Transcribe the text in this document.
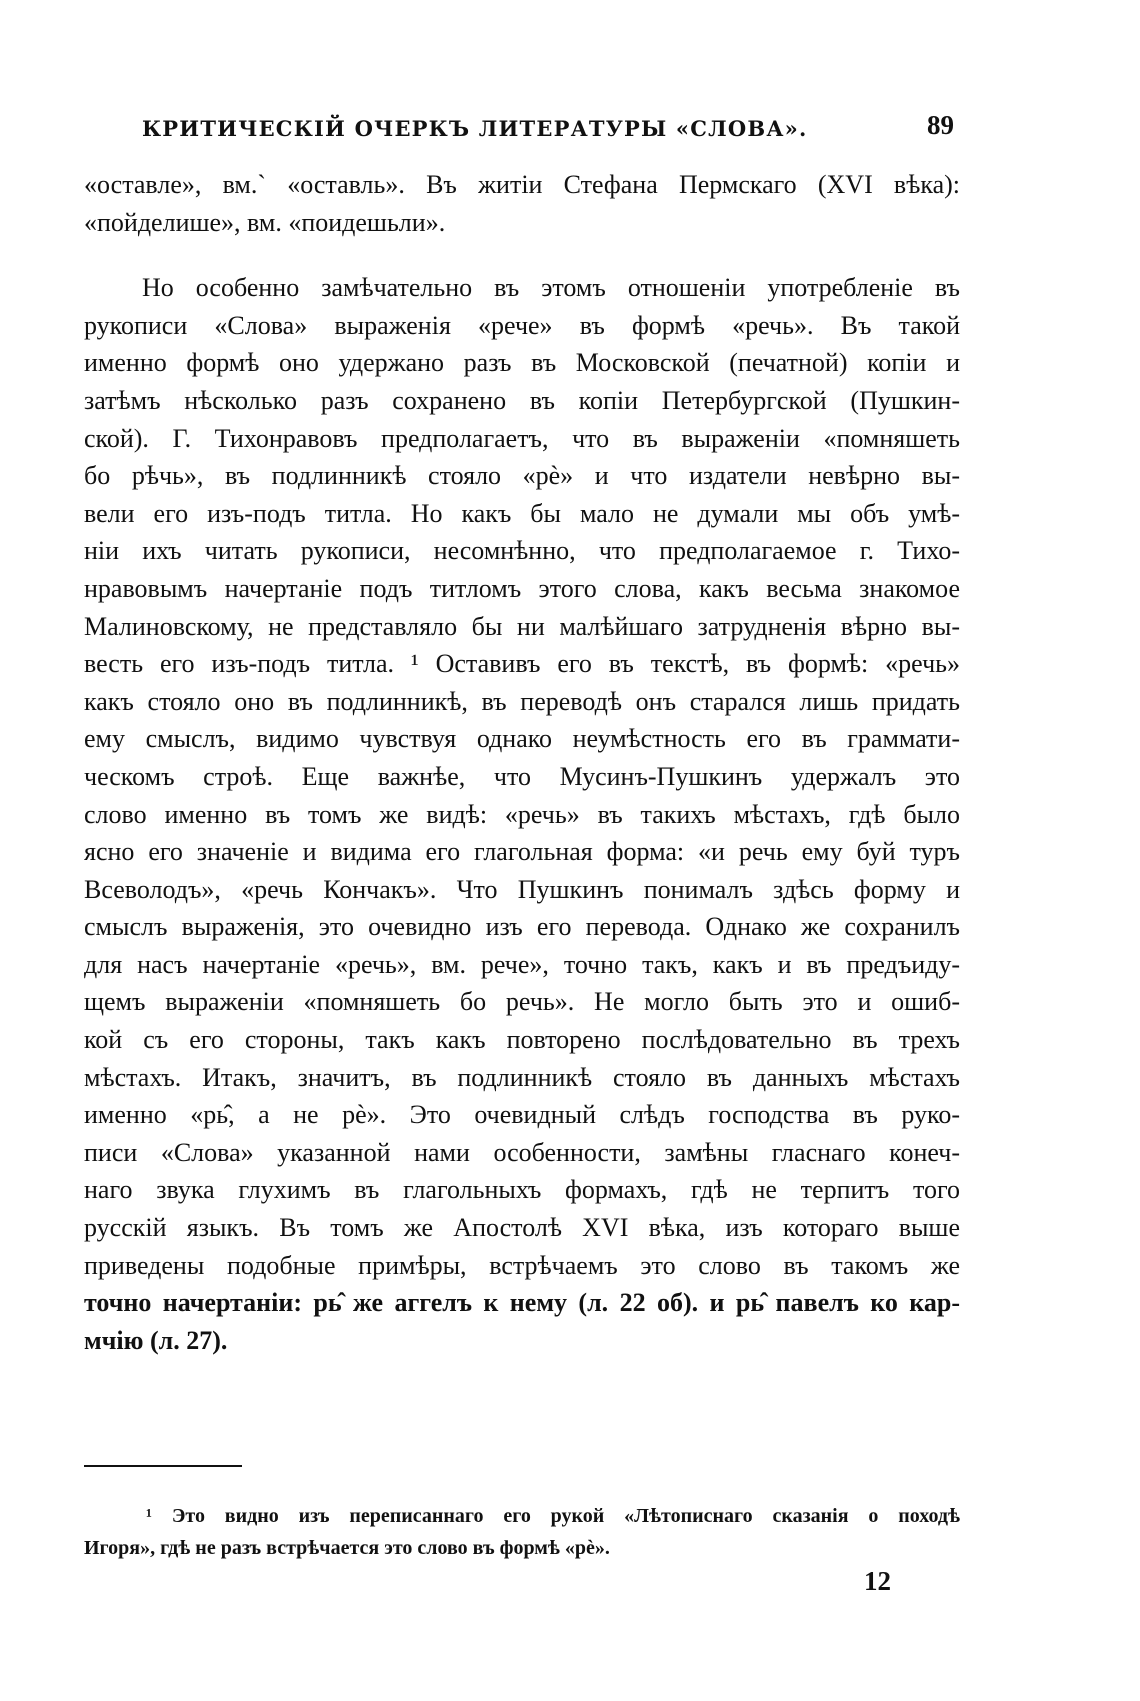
КРИТИЧЕСКІЙ ОЧЕРКЪ ЛИТЕРАТУРЫ «СЛОВА».	89
«оставле», вм.` «оставль». Въ житіи Стефана Пермскаго (XVI вѣка):
«пойделише», вм. «поидешьли».
Но особенно замѣчательно въ этомъ отношеніи употребленіе въ
рукописи «Слова» выраженія «рече» въ формѣ «речь». Въ такой
именно формѣ оно удержано разъ въ Московской (печатной) копіи и
затѣмъ нѣсколько разъ сохранено въ копіи Петербургской (Пушкин-
ской). Г. Тихонравовъ предполагаетъ, что въ выраженіи «помняшеть
бо рѣчь», въ подлинникѣ стояло «рѐ» и что издатели невѣрно вы-
вели его изъ-подъ титла. Но какъ бы мало не думали мы объ умѣ-
ніи ихъ читать рукописи, несомнѣнно, что предполагаемое г. Тихо-
нравовымъ начертаніе подъ титломъ этого слова, какъ весьма знакомое
Малиновскому, не представляло бы ни малѣйшаго затрудненія вѣрно вы-
весть его изъ-подъ титла. ¹ Оставивъ его въ текстѣ, въ формѣ: «речь»
какъ стояло оно въ подлинникѣ, въ переводѣ онъ старался лишь придать
ему смыслъ, видимо чувствуя однако неумѣстность его въ граммати-
ческомъ строѣ. Еще важнѣе, что Мусинъ-Пушкинъ удержалъ это
слово именно въ томъ же видѣ: «речь» въ такихъ мѣстахъ, гдѣ было
ясно его значеніе и видима его глагольная форма: «и речь ему буй туръ
Всеволодъ», «речь Кончакъ». Что Пушкинъ понималъ здѣсь форму и
смыслъ выраженія, это очевидно изъ его перевода. Однако же сохранилъ
для насъ начертаніе «речь», вм. рече», точно такъ, какъ и въ предъиду-
щемъ выраженіи «помняшеть бо речь». Не могло быть это и ошиб-
кой съ его стороны, такъ какъ повторено послѣдовательно въ трехъ
мѣстахъ. Итакъ, значитъ, въ подлинникѣ стояло въ данныхъ мѣстахъ
именно «рь̂, а не рѐ». Это очевидный слѣдъ господства въ руко-
писи «Слова» указанной нами особенности, замѣны гласнаго конеч-
наго звука глухимъ въ глагольныхъ формахъ, гдѣ не терпитъ того
русскій языкъ. Въ томъ же Апостолѣ XVI вѣка, изъ котораго выше
приведены подобные примѣры, встрѣчаемъ это слово въ такомъ же
точно начертаніи: рь̂ же аггелъ к нему (л. 22 об). и рь̂ павелъ ко кар-
мчію (л. 27).
¹ Это видно изъ переписаннаго его рукой «Лѣтописнаго сказанія о походѣ
Игоря», гдѣ не разъ встрѣчается это слово въ формѣ «рѐ».
12
